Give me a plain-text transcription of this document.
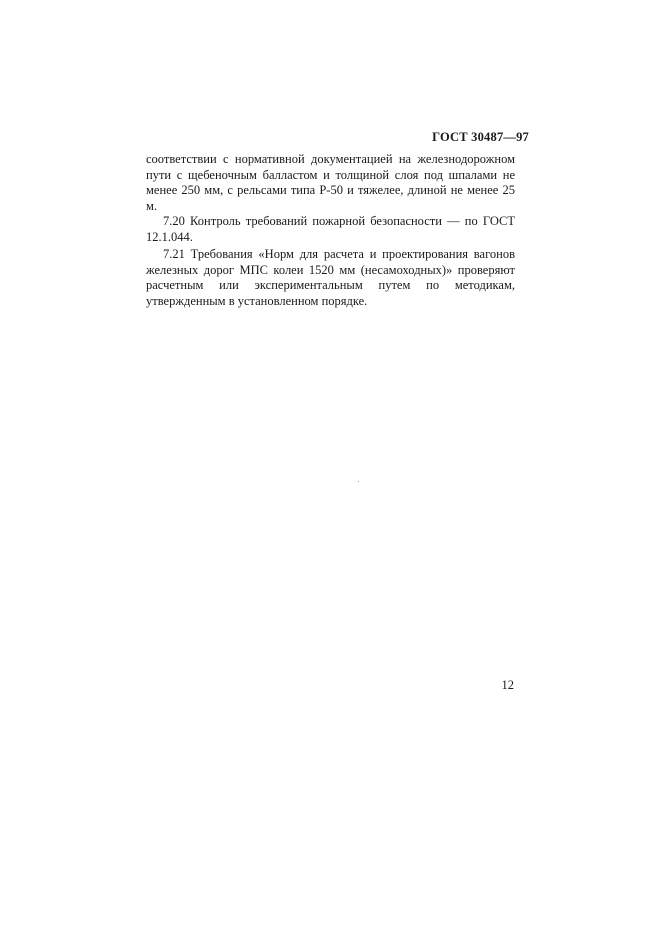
ГОСТ 30487—97

соответствии с нормативной документацией на железнодорожном пути с щебеночным балластом и толщиной слоя под шпалами не менее 250 мм, с рельсами типа Р-50 и тяжелее, длиной не менее 25 м.

7.20 Контроль требований пожарной безопасности — по ГОСТ 12.1.044.

7.21 Требования «Норм для расчета и проектирования вагонов железных дорог МПС колеи 1520 мм (несамоходных)» проверяют расчетным или экспериментальным путем по методикам, утвержденным в установленном порядке.

12
